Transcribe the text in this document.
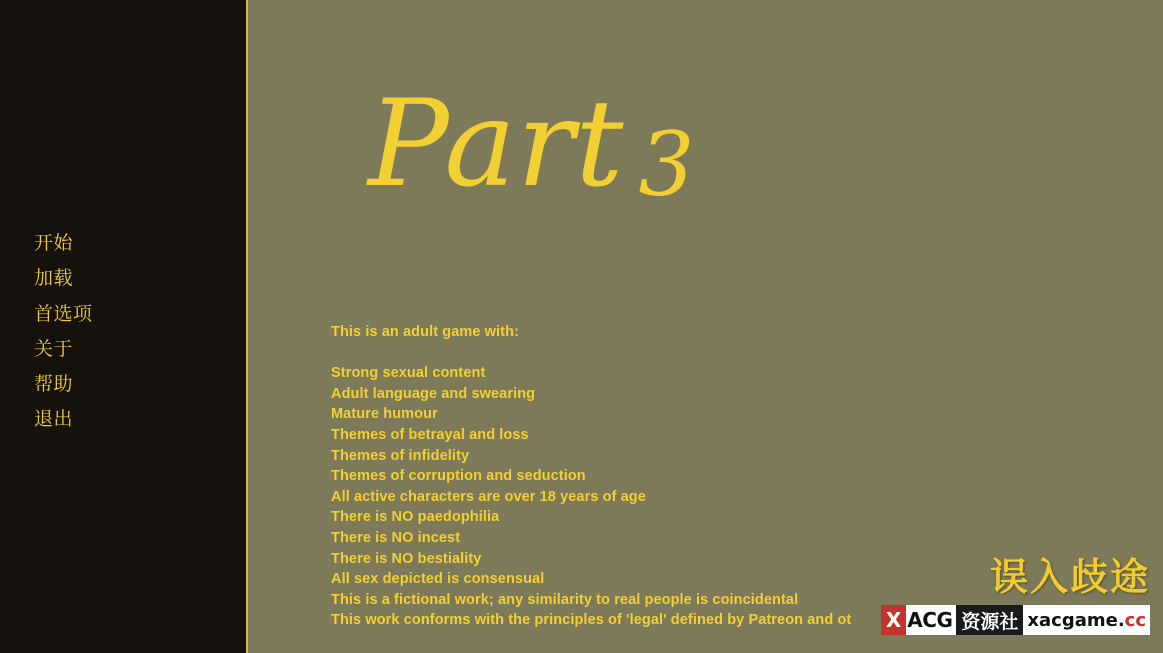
开始
加载
首选项
关于
帮助
退出
Part 3
This is an adult game with:
Strong sexual content
Adult language and swearing
Mature humour
Themes of betrayal and loss
Themes of infidelity
Themes of corruption and seduction
All active characters are over 18 years of age
There is NO paedophilia
There is NO incest
There is NO bestiality
All sex depicted is consensual
This is a fictional work; any similarity to real people is coincidental
This work conforms with the principles of 'legal' defined by Patreon and ot
误入歧途
X ACG 资源社 xacgame. cc
